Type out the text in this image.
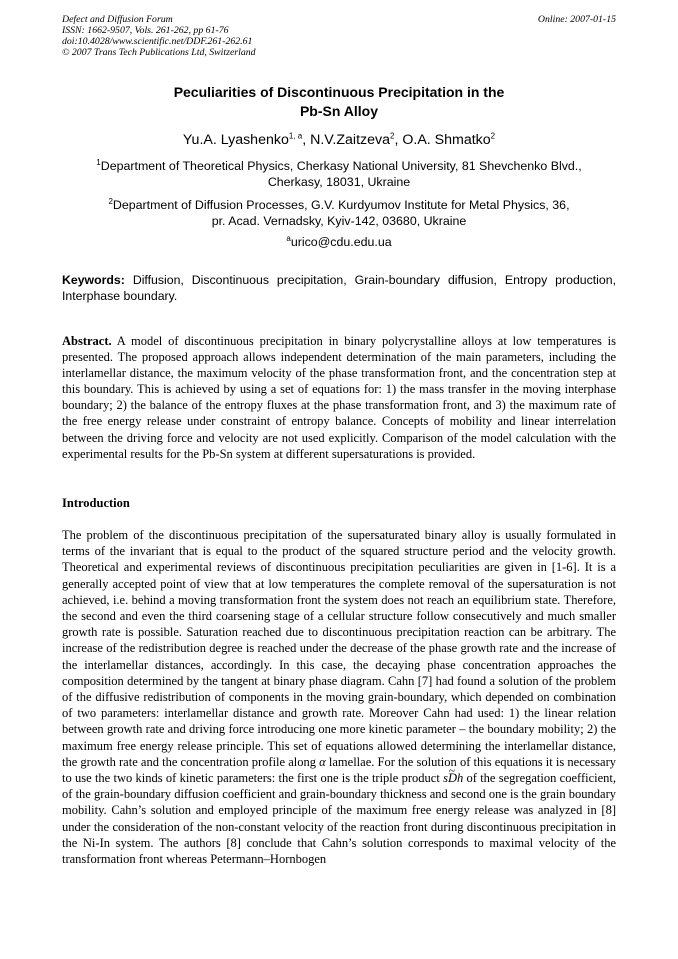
Defect and Diffusion Forum
ISSN: 1662-9507, Vols. 261-262, pp 61-76
doi:10.4028/www.scientific.net/DDF.261-262.61
© 2007 Trans Tech Publications Ltd, Switzerland
Online: 2007-01-15
Peculiarities of Discontinuous Precipitation in the
Pb-Sn Alloy
Yu.A. Lyashenko$^{1, a}$, N.V.Zaitzeva$^2$, O.A. Shmatko$^2$
$^1$Department of Theoretical Physics, Cherkasy National University, 81 Shevchenko Blvd.,
Cherkasy, 18031, Ukraine
$^2$Department of Diffusion Processes, G.V. Kurdyumov Institute for Metal Physics, 36,
pr. Acad. Vernadsky, Kyiv-142, 03680, Ukraine
$^a$urico@cdu.edu.ua
Keywords: Diffusion, Discontinuous precipitation, Grain-boundary diffusion, Entropy production, Interphase boundary.
Abstract. A model of discontinuous precipitation in binary polycrystalline alloys at low temperatures is presented. The proposed approach allows independent determination of the main parameters, including the interlamellar distance, the maximum velocity of the phase transformation front, and the concentration step at this boundary. This is achieved by using a set of equations for: 1) the mass transfer in the moving interphase boundary; 2) the balance of the entropy fluxes at the phase transformation front, and 3) the maximum rate of the free energy release under constraint of entropy balance. Concepts of mobility and linear interrelation between the driving force and velocity are not used explicitly. Comparison of the model calculation with the experimental results for the Pb-Sn system at different supersaturations is provided.
Introduction
The problem of the discontinuous precipitation of the supersaturated binary alloy is usually formulated in terms of the invariant that is equal to the product of the squared structure period and the velocity growth. Theoretical and experimental reviews of discontinuous precipitation peculiarities are given in [1-6]. It is a generally accepted point of view that at low temperatures the complete removal of the supersaturation is not achieved, i.e. behind a moving transformation front the system does not reach an equilibrium state. Therefore, the second and even the third coarsening stage of a cellular structure follow consecutively and much smaller growth rate is possible. Saturation reached due to discontinuous precipitation reaction can be arbitrary. The increase of the redistribution degree is reached under the decrease of the phase growth rate and the increase of the interlamellar distances, accordingly. In this case, the decaying phase concentration approaches the composition determined by the tangent at binary phase diagram. Cahn [7] had found a solution of the problem of the diffusive redistribution of components in the moving grain-boundary, which depended on combination of two parameters: interlamellar distance and growth rate. Moreover Cahn had used: 1) the linear relation between growth rate and driving force introducing one more kinetic parameter – the boundary mobility; 2) the maximum free energy release principle. This set of equations allowed determining the interlamellar distance, the growth rate and the concentration profile along α lamellae. For the solution of this equations it is necessary to use the two kinds of kinetic parameters: the first one is the triple product s~ Dh of the segregation coefficient, of the grain-boundary diffusion coefficient and grain-boundary thickness and second one is the grain boundary mobility. Cahn’s solution and employed principle of the maximum free energy release was analyzed in [8] under the consideration of the non-constant velocity of the reaction front during discontinuous precipitation in the Ni-In system. The authors [8] conclude that Cahn’s solution corresponds to maximal velocity of the transformation front whereas Petermann–Hornbogen
